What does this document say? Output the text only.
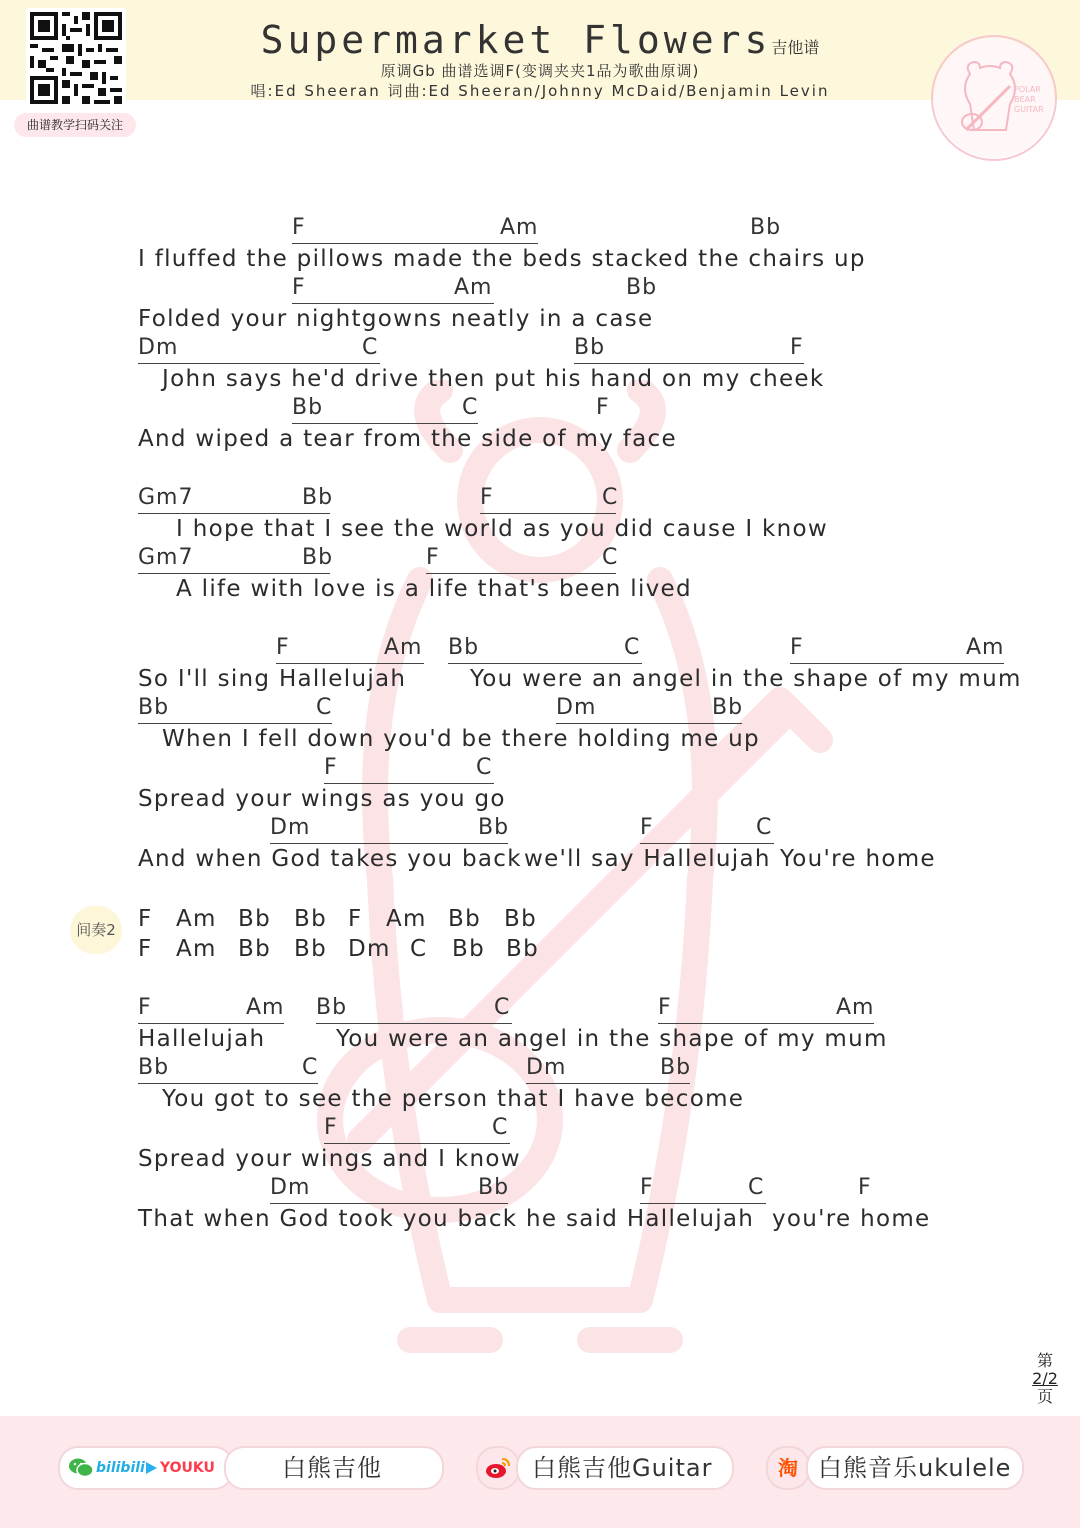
曲谱教学扫码关注
Supermarket Flowers吉他谱
原调Gb 曲谱选调F(变调夹夹1品为歌曲原调)
唱:Ed Sheeran 词曲:Ed Sheeran/Johnny McDaid/Benjamin Levin	POLAR
BEAR
GUITAR
F	Am	Bb
I fluffed the pillows made the beds stacked the chairs up
F	Am	Bb
Folded your nightgowns neatly in a case
Dm	C	Bb	F
John says he'd drive then put his hand on my cheek
Bb	C	F
And wiped a tear from the side of my face
Gm7	Bb	F	C
I hope that I see the world as you did cause I know
Gm7	Bb	F	C
A life with love is a life that's been lived
F	Am Bb	C	F	Am
So I'll sing Hallelujah	You were an angel in the shape of my mum
Bb	C	Dm	Bb
When I fell down you'd be there holding me up
F	C
Spread your wings as you go
Dm	Bb	F	C
And when God takes you back we'll say Hallelujah You're home
间奏2 F Am Bb Bb F Am Bb Bb
F Am Bb Bb Dm C Bb Bb
F	Am Bb	C	F	Am
Hallelujah	You were an angel in the shape of my mum
Bb	C	Dm	Bb
You got to see the person that I have become
F	C
Spread your wings and I know
Dm	Bb	F	C	F
That when God took you back he said Hallelujah you're home
第
2/2
页
bilibili YOUKU	白熊吉他	白熊吉他Guitar	淘 白熊音乐ukulele
